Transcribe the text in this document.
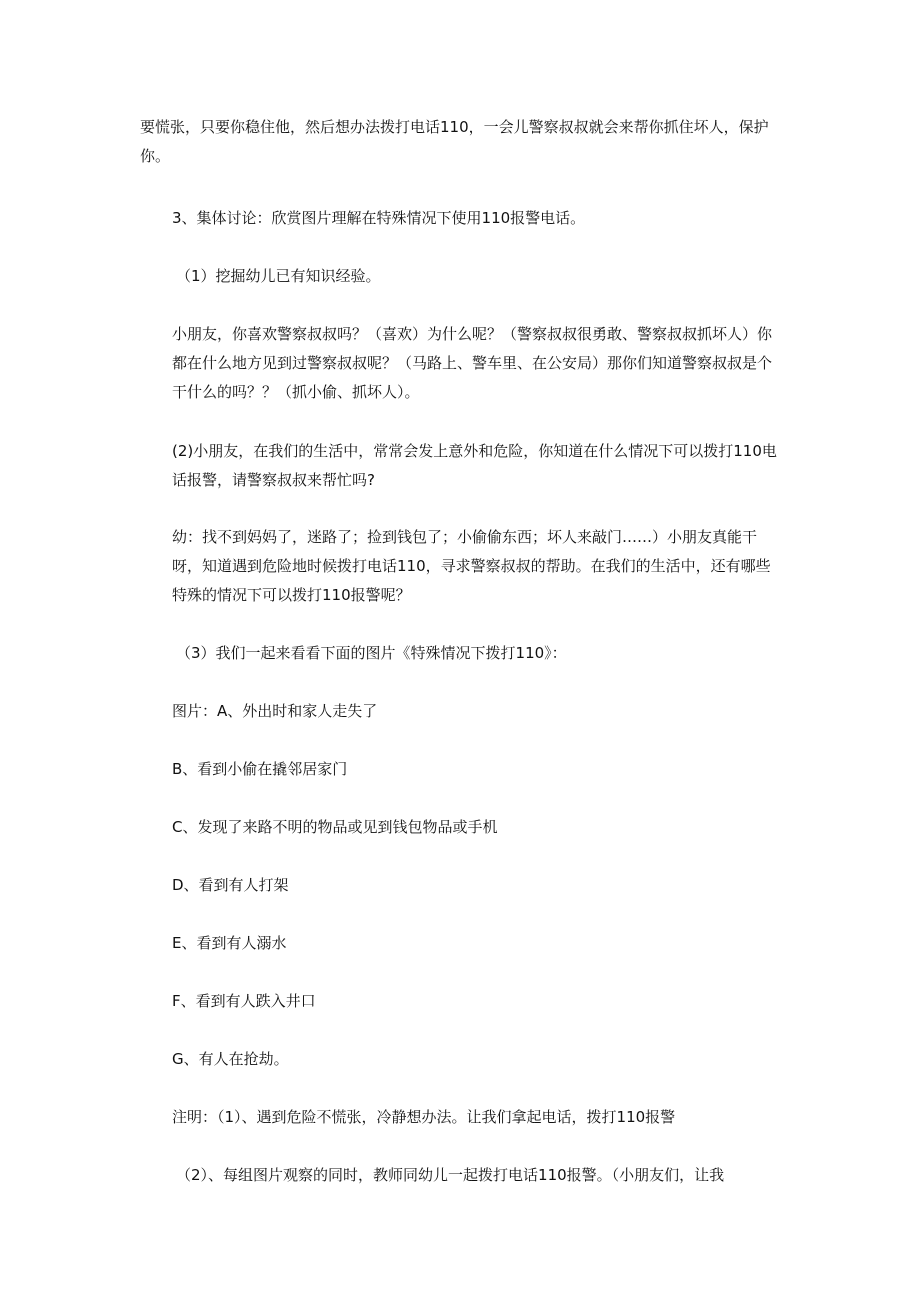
要慌张，只要你稳住他，然后想办法拨打电话110，一会儿警察叔叔就会来帮你抓住坏人，保护你。

3、集体讨论：欣赏图片理解在特殊情况下使用110报警电话。

（1）挖掘幼儿已有知识经验。

小朋友，你喜欢警察叔叔吗？（喜欢）为什么呢？（警察叔叔很勇敢、警察叔叔抓坏人）你都在什么地方见到过警察叔叔呢？（马路上、警车里、在公安局）那你们知道警察叔叔是个干什么的吗？？（抓小偷、抓坏人）。

(2)小朋友，在我们的生活中，常常会发上意外和危险，你知道在什么情况下可以拨打110电话报警，请警察叔叔来帮忙吗?

幼：找不到妈妈了，迷路了；捡到钱包了；小偷偷东西；坏人来敲门……）小朋友真能干呀，知道遇到危险地时候拨打电话110，寻求警察叔叔的帮助。在我们的生活中，还有哪些特殊的情况下可以拨打110报警呢？

（3）我们一起来看看下面的图片《特殊情况下拨打110》：

图片：A、外出时和家人走失了

B、看到小偷在撬邻居家门

C、发现了来路不明的物品或见到钱包物品或手机

D、看到有人打架

E、看到有人溺水

F、看到有人跌入井口

G、有人在抢劫。

注明：（1）、遇到危险不慌张，冷静想办法。让我们拿起电话，拨打110报警

（2）、每组图片观察的同时，教师同幼儿一起拨打电话110报警。（小朋友们，让我
